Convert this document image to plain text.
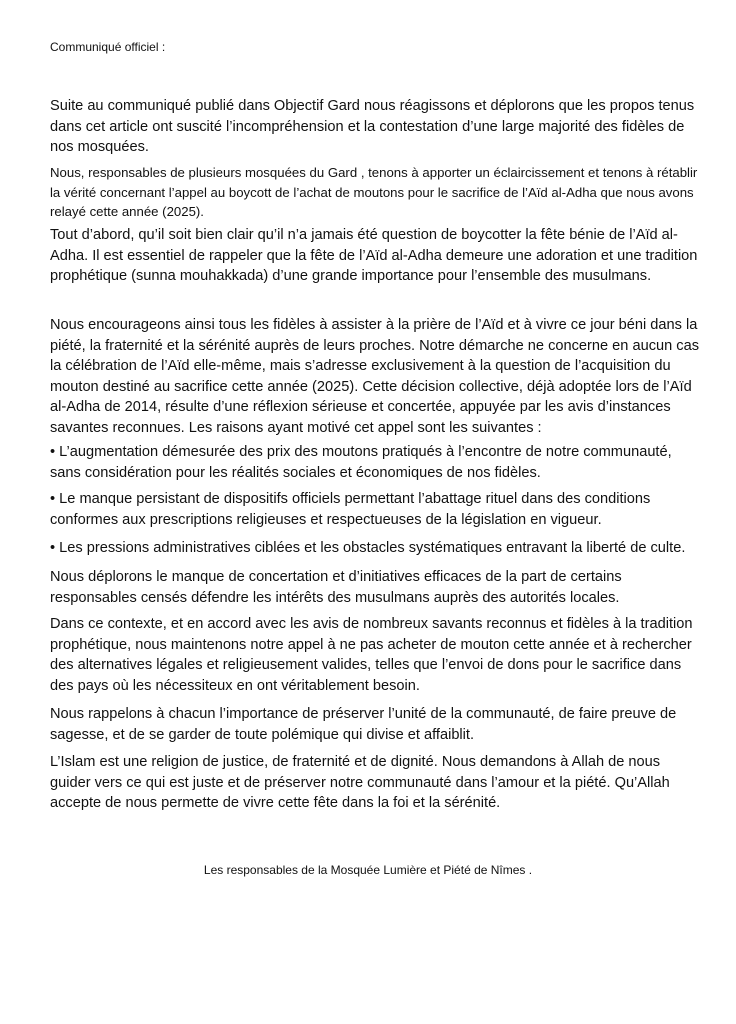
Communiqué officiel :

Suite au communiqué publié dans Objectif Gard nous réagissons et déplorons que les propos tenus dans cet article ont suscité l’incompréhension et la contestation d’une large majorité des fidèles de nos mosquées.

Nous, responsables de plusieurs mosquées du Gard , tenons à apporter un éclaircissement et tenons à rétablir la vérité concernant l’appel au boycott de l’achat de moutons pour le sacrifice de l’Aïd al-Adha que nous avons relayé cette année (2025).

Tout d’abord, qu’il soit bien clair qu’il n’a jamais été question de boycotter la fête bénie de l’Aïd al-Adha. Il est essentiel de rappeler que la fête de l’Aïd al-Adha demeure une adoration et une tradition prophétique (sunna mouhakkada) d’une grande importance pour l’ensemble des musulmans.

Nous encourageons ainsi tous les fidèles à assister à la prière de l’Aïd et à vivre ce jour béni dans la piété, la fraternité et la sérénité auprès de leurs proches. Notre démarche ne concerne en aucun cas la célébration de l’Aïd elle-même, mais s’adresse exclusivement à la question de l’acquisition du mouton destiné au sacrifice cette année (2025). Cette décision collective, déjà adoptée lors de l’Aïd al-Adha de 2014, résulte d’une réflexion sérieuse et concertée, appuyée par les avis d’instances savantes reconnues. Les raisons ayant motivé cet appel sont les suivantes :

• L’augmentation démesurée des prix des moutons pratiqués à l’encontre de notre communauté, sans considération pour les réalités sociales et économiques de nos fidèles.

• Le manque persistant de dispositifs officiels permettant l’abattage rituel dans des conditions conformes aux prescriptions religieuses et respectueuses de la législation en vigueur.

• Les pressions administratives ciblées et les obstacles systématiques entravant la liberté de culte.

Nous déplorons le manque de concertation et d’initiatives efficaces de la part de certains responsables censés défendre les intérêts des musulmans auprès des autorités locales.

Dans ce contexte, et en accord avec les avis de nombreux savants reconnus et fidèles à la tradition prophétique, nous maintenons notre appel à ne pas acheter de mouton cette année et à rechercher des alternatives légales et religieusement valides, telles que l’envoi de dons pour le sacrifice dans des pays où les nécessiteux en ont véritablement besoin.

Nous rappelons à chacun l’importance de préserver l’unité de la communauté, de faire preuve de sagesse, et de se garder de toute polémique qui divise et affaiblit.

L’Islam est une religion de justice, de fraternité et de dignité. Nous demandons à Allah de nous guider vers ce qui est juste et de préserver notre communauté dans l’amour et la piété. Qu’Allah accepte de nous permette de vivre cette fête dans la foi et la sérénité.

Les responsables de la Mosquée Lumière et Piété de Nîmes .
